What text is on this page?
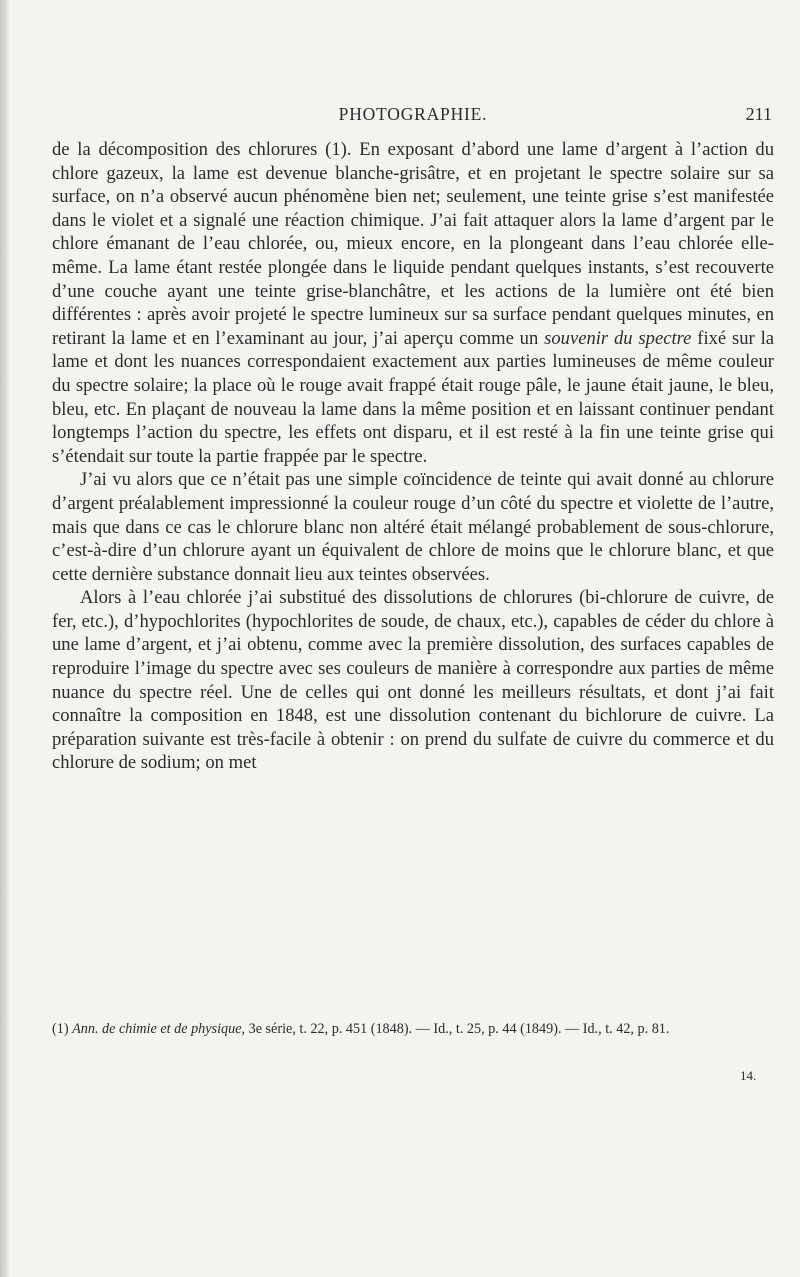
PHOTOGRAPHIE.	211

de la décomposition des chlorures (1). En exposant d’abord une lame d’argent à l’action du chlore gazeux, la lame est devenue blanche-grisâtre, et en projetant le spectre solaire sur sa surface, on n’a observé aucun phénomène bien net; seulement, une teinte grise s’est manifestée dans le violet et a signalé une réaction chimique. J’ai fait attaquer alors la lame d’argent par le chlore émanant de l’eau chlorée, ou, mieux encore, en la plongeant dans l’eau chlorée elle-même. La lame étant restée plongée dans le liquide pendant quelques instants, s’est recouverte d’une couche ayant une teinte grise-blanchâtre, et les actions de la lumière ont été bien différentes : après avoir projeté le spectre lumineux sur sa surface pendant quelques minutes, en retirant la lame et en l’examinant au jour, j’ai aperçu comme un souvenir du spectre fixé sur la lame et dont les nuances correspondaient exactement aux parties lumineuses de même couleur du spectre solaire; la place où le rouge avait frappé était rouge pâle, le jaune était jaune, le bleu, bleu, etc. En plaçant de nouveau la lame dans la même position et en laissant continuer pendant longtemps l’action du spectre, les effets ont disparu, et il est resté à la fin une teinte grise qui s’étendait sur toute la partie frappée par le spectre.

J’ai vu alors que ce n’était pas une simple coïncidence de teinte qui avait donné au chlorure d’argent préalablement impressionné la couleur rouge d’un côté du spectre et violette de l’autre, mais que dans ce cas le chlorure blanc non altéré était mélangé probablement de sous-chlorure, c’est-à-dire d’un chlorure ayant un équivalent de chlore de moins que le chlorure blanc, et que cette dernière substance donnait lieu aux teintes observées.

Alors à l’eau chlorée j’ai substitué des dissolutions de chlorures (bi-chlorure de cuivre, de fer, etc.), d’hypochlorites (hypochlorites de soude, de chaux, etc.), capables de céder du chlore à une lame d’argent, et j’ai obtenu, comme avec la première dissolution, des surfaces capables de reproduire l’image du spectre avec ses couleurs de manière à correspondre aux parties de même nuance du spectre réel. Une de celles qui ont donné les meilleurs résultats, et dont j’ai fait connaître la composition en 1848, est une dissolution contenant du bichlorure de cuivre. La préparation suivante est très-facile à obtenir : on prend du sulfate de cuivre du commerce et du chlorure de sodium; on met

(1) Ann. de chimie et de physique, 3e série, t. 22, p. 451 (1848). — Id., t. 25, p. 44 (1849). — Id., t. 42, p. 81.

14.
